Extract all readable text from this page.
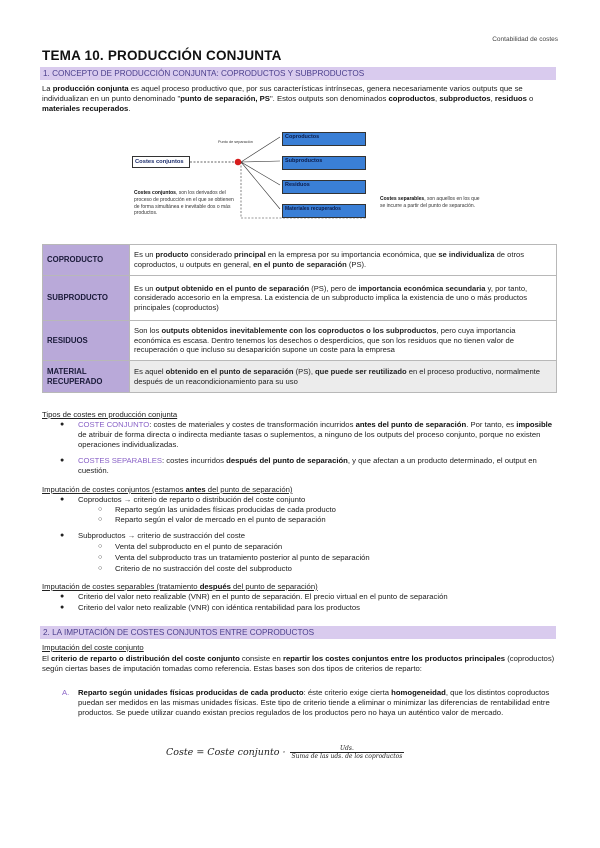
Contabilidad de costes
TEMA 10. PRODUCCIÓN CONJUNTA
1. CONCEPTO DE PRODUCCIÓN CONJUNTA: COPRODUCTOS Y SUBPRODUCTOS
La producción conjunta es aquel proceso productivo que, por sus características intrínsecas, genera necesariamente varios outputs que se individualizan en un punto denominado "punto de separación, PS". Estos outputs son denominados coproductos, subproductos, residuos o materiales recuperados.
Punto de separación
Costes conjuntos
Coproductos
Subproductos
Residuos
Materiales recuperados
Costes conjuntos, son los derivados del proceso de producción en el que se obtienen de forma simultánea e inevitable dos o más productos.
Costes separables, son aquellos en los que se incurre a partir del punto de separación.
COPRODUCTO	Es un producto considerado principal en la empresa por su importancia económica, que se individualiza de otros coproductos, u outputs en general, en el punto de separación (PS).
SUBPRODUCTO	Es un output obtenido en el punto de separación (PS), pero de importancia económica secundaria y, por tanto, considerado accesorio en la empresa. La existencia de un subproducto implica la existencia de uno o más productos principales (coproductos)
RESIDUOS	Son los outputs obtenidos inevitablemente con los coproductos o los subproductos, pero cuya importancia económica es escasa. Dentro tenemos los desechos o desperdicios, que son los residuos que no tienen valor de recuperación o que incluso su desaparición supone un coste para la empresa
MATERIAL RECUPERADO	Es aquel obtenido en el punto de separación (PS), que puede ser reutilizado en el proceso productivo, normalmente después de un reacondicionamiento para su uso
Tipos de costes en producción conjunta
● COSTE CONJUNTO: costes de materiales y costes de transformación incurridos antes del punto de separación. Por tanto, es imposible de atribuir de forma directa o indirecta mediante tasas o suplementos, a ninguno de los outputs del proceso conjunto, porque no existen operaciones individualizadas.
● COSTES SEPARABLES: costes incurridos después del punto de separación, y que afectan a un producto determinado, el output en cuestión.
Imputación de costes conjuntos (estamos antes del punto de separación)
● Coproductos → criterio de reparto o distribución del coste conjunto
○ Reparto según las unidades físicas producidas de cada producto
○ Reparto según el valor de mercado en el punto de separación
● Subproductos → criterio de sustracción del coste
○ Venta del subproducto en el punto de separación
○ Venta del subproducto tras un tratamiento posterior al punto de separación
○ Criterio de no sustracción del coste del subproducto
Imputación de costes separables (tratamiento después del punto de separación)
● Criterio del valor neto realizable (VNR) en el punto de separación. El precio virtual en el punto de separación
● Criterio del valor neto realizable (VNR) con idéntica rentabilidad para los productos
2. LA IMPUTACIÓN DE COSTES CONJUNTOS ENTRE COPRODUCTOS
Imputación del coste conjunto
El criterio de reparto o distribución del coste conjunto consiste en repartir los costes conjuntos entre los productos principales (coproductos) según ciertas bases de imputación tomadas como referencia. Estas bases son dos tipos de criterios de reparto:
A.	Reparto según unidades físicas producidas de cada producto: éste criterio exige cierta homogeneidad, que los distintos coproductos puedan ser medidos en las mismas unidades físicas. Este tipo de criterio tiende a eliminar o minimizar las diferencias de rentabilidad entre productos. Se puede utilizar cuando existan precios regulados de los productos pero no haya un auténtico valor de mercado.
Coste = Coste conjunto ·	Uds.
Suma de las uds. de los coproductos
